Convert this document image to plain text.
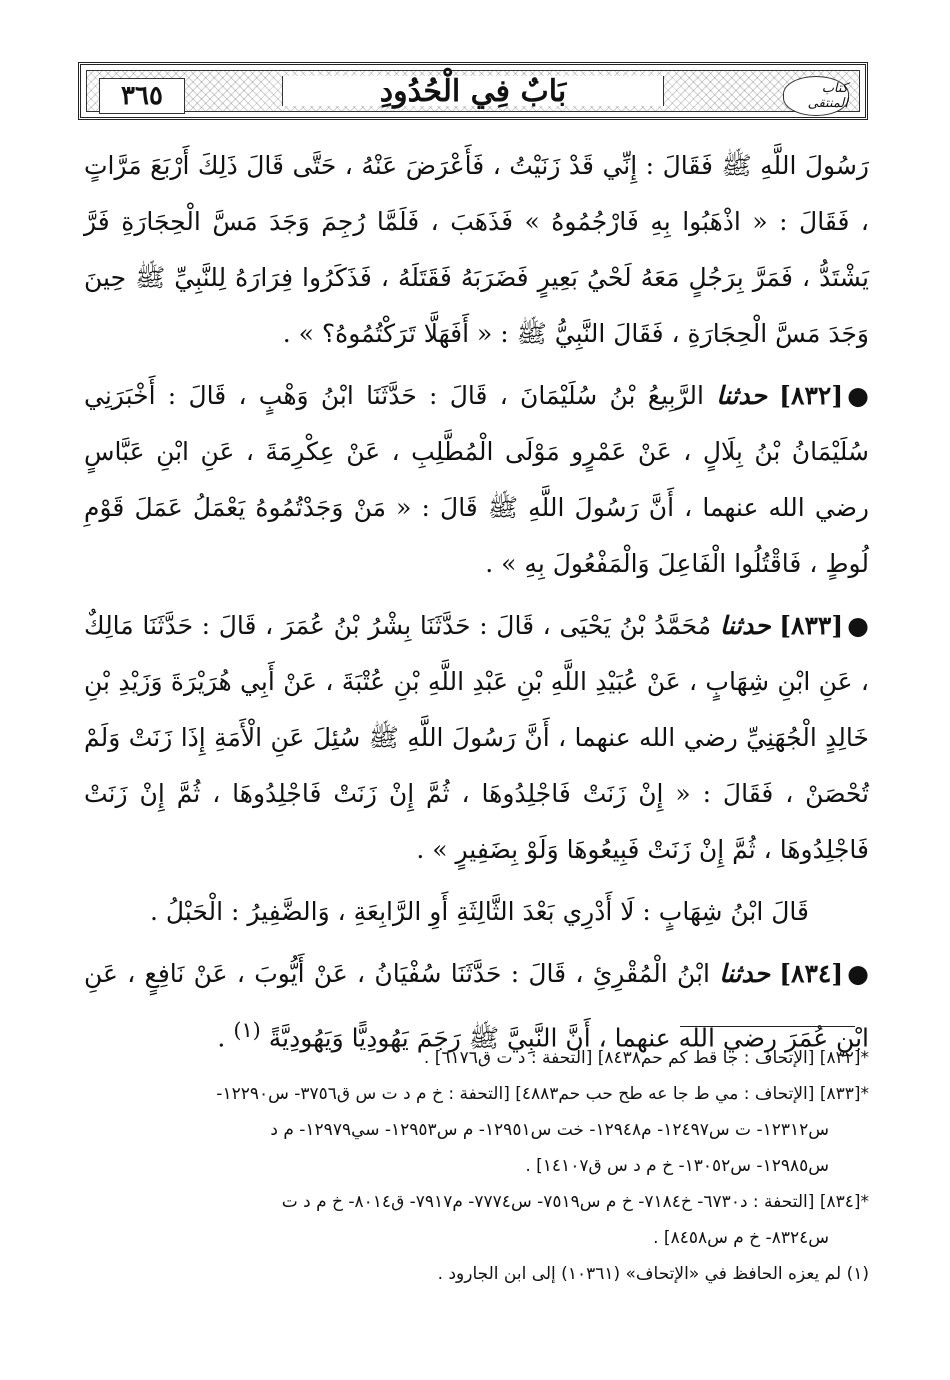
٣٦٥	بَابٌ فِي الْحُدُودِ	كتاب المنتقى

رَسُولَ اللَّهِ ﷺ فَقَالَ : إِنِّي قَدْ زَنَيْتُ ، فَأَعْرَضَ عَنْهُ ، حَتَّى قَالَ ذَلِكَ أَرْبَعَ مَرَّاتٍ ، فَقَالَ : « اذْهَبُوا بِهِ فَارْجُمُوهُ » فَذَهَبَ ، فَلَمَّا رُجِمَ وَجَدَ مَسَّ الْحِجَارَةِ فَرَّ يَشْتَدُّ ، فَمَرَّ بِرَجُلٍ مَعَهُ لَحْيُ بَعِيرٍ فَضَرَبَهُ فَقَتَلَهُ ، فَذَكَرُوا فِرَارَهُ لِلنَّبِيِّ ﷺ حِينَ وَجَدَ مَسَّ الْحِجَارَةِ ، فَقَالَ النَّبِيُّ ﷺ : « أَفَهَلَّا تَرَكْتُمُوهُ؟ » .

●[٨٣٢] حدثنا الرَّبِيعُ بْنُ سُلَيْمَانَ ، قَالَ : حَدَّثَنَا ابْنُ وَهْبٍ ، قَالَ : أَخْبَرَنِي سُلَيْمَانُ بْنُ بِلَالٍ ، عَنْ عَمْرٍو مَوْلَى الْمُطَّلِبِ ، عَنْ عِكْرِمَةَ ، عَنِ ابْنِ عَبَّاسٍ رضي الله عنهما ، أَنَّ رَسُولَ اللَّهِ ﷺ قَالَ : « مَنْ وَجَدْتُمُوهُ يَعْمَلُ عَمَلَ قَوْمِ لُوطٍ ، فَاقْتُلُوا الْفَاعِلَ وَالْمَفْعُولَ بِهِ » .

●[٨٣٣] حدثنا مُحَمَّدُ بْنُ يَحْيَى ، قَالَ : حَدَّثَنَا بِشْرُ بْنُ عُمَرَ ، قَالَ : حَدَّثَنَا مَالِكٌ ، عَنِ ابْنِ شِهَابٍ ، عَنْ عُبَيْدِ اللَّهِ بْنِ عَبْدِ اللَّهِ بْنِ عُتْبَةَ ، عَنْ أَبِي هُرَيْرَةَ وَزَيْدِ بْنِ خَالِدٍ الْجُهَنِيِّ رضي الله عنهما ، أَنَّ رَسُولَ اللَّهِ ﷺ سُئِلَ عَنِ الْأَمَةِ إِذَا زَنَتْ وَلَمْ تُحْصَنْ ، فَقَالَ : « إِنْ زَنَتْ فَاجْلِدُوهَا ، ثُمَّ إِنْ زَنَتْ فَاجْلِدُوهَا ، ثُمَّ إِنْ زَنَتْ فَاجْلِدُوهَا ، ثُمَّ إِنْ زَنَتْ فَبِيعُوهَا وَلَوْ بِضَفِيرٍ » .

قَالَ ابْنُ شِهَابٍ : لَا أَدْرِي بَعْدَ الثَّالِثَةِ أَوِ الرَّابِعَةِ ، وَالضَّفِيرُ : الْحَبْلُ .

●[٨٣٤] حدثنا ابْنُ الْمُقْرِئِ ، قَالَ : حَدَّثَنَا سُفْيَانُ ، عَنْ أَيُّوبَ ، عَنْ نَافِعٍ ، عَنِ ابْنِ عُمَرَ رضي الله عنهما ، أَنَّ النَّبِيَّ ﷺ رَجَمَ يَهُودِيًّا وَيَهُودِيَّةً $^{(١)}$ .

*[٨٣٢] [الإتحاف : جا قط كم حم٨٤٣٨] [التحفة : د ت ق٦١٧٦] .

*[٨٣٣] [الإتحاف : مي ط جا عه طح حب حم٤٨٨٣] [التحفة : خ م د ت س ق٣٧٥٦- س١٢٢٩٠-

س١٢٣١٢- ت س١٢٤٩٧- م١٢٩٤٨- خت س١٢٩٥١- م س١٢٩٥٣- سي١٢٩٧٩- م د

س١٢٩٨٥- س١٣٠٥٢- خ م د س ق١٤١٠٧] .

*[٨٣٤] [التحفة : د٦٧٣٠- خ٧١٨٤- خ م س٧٥١٩- س٧٧٧٤- م٧٩١٧- ق٨٠١٤- خ م د ت

س٨٣٢٤- خ م س٨٤٥٨] .

(١) لم يعزه الحافظ في «الإتحاف» (١٠٣٦١) إلى ابن الجارود .
